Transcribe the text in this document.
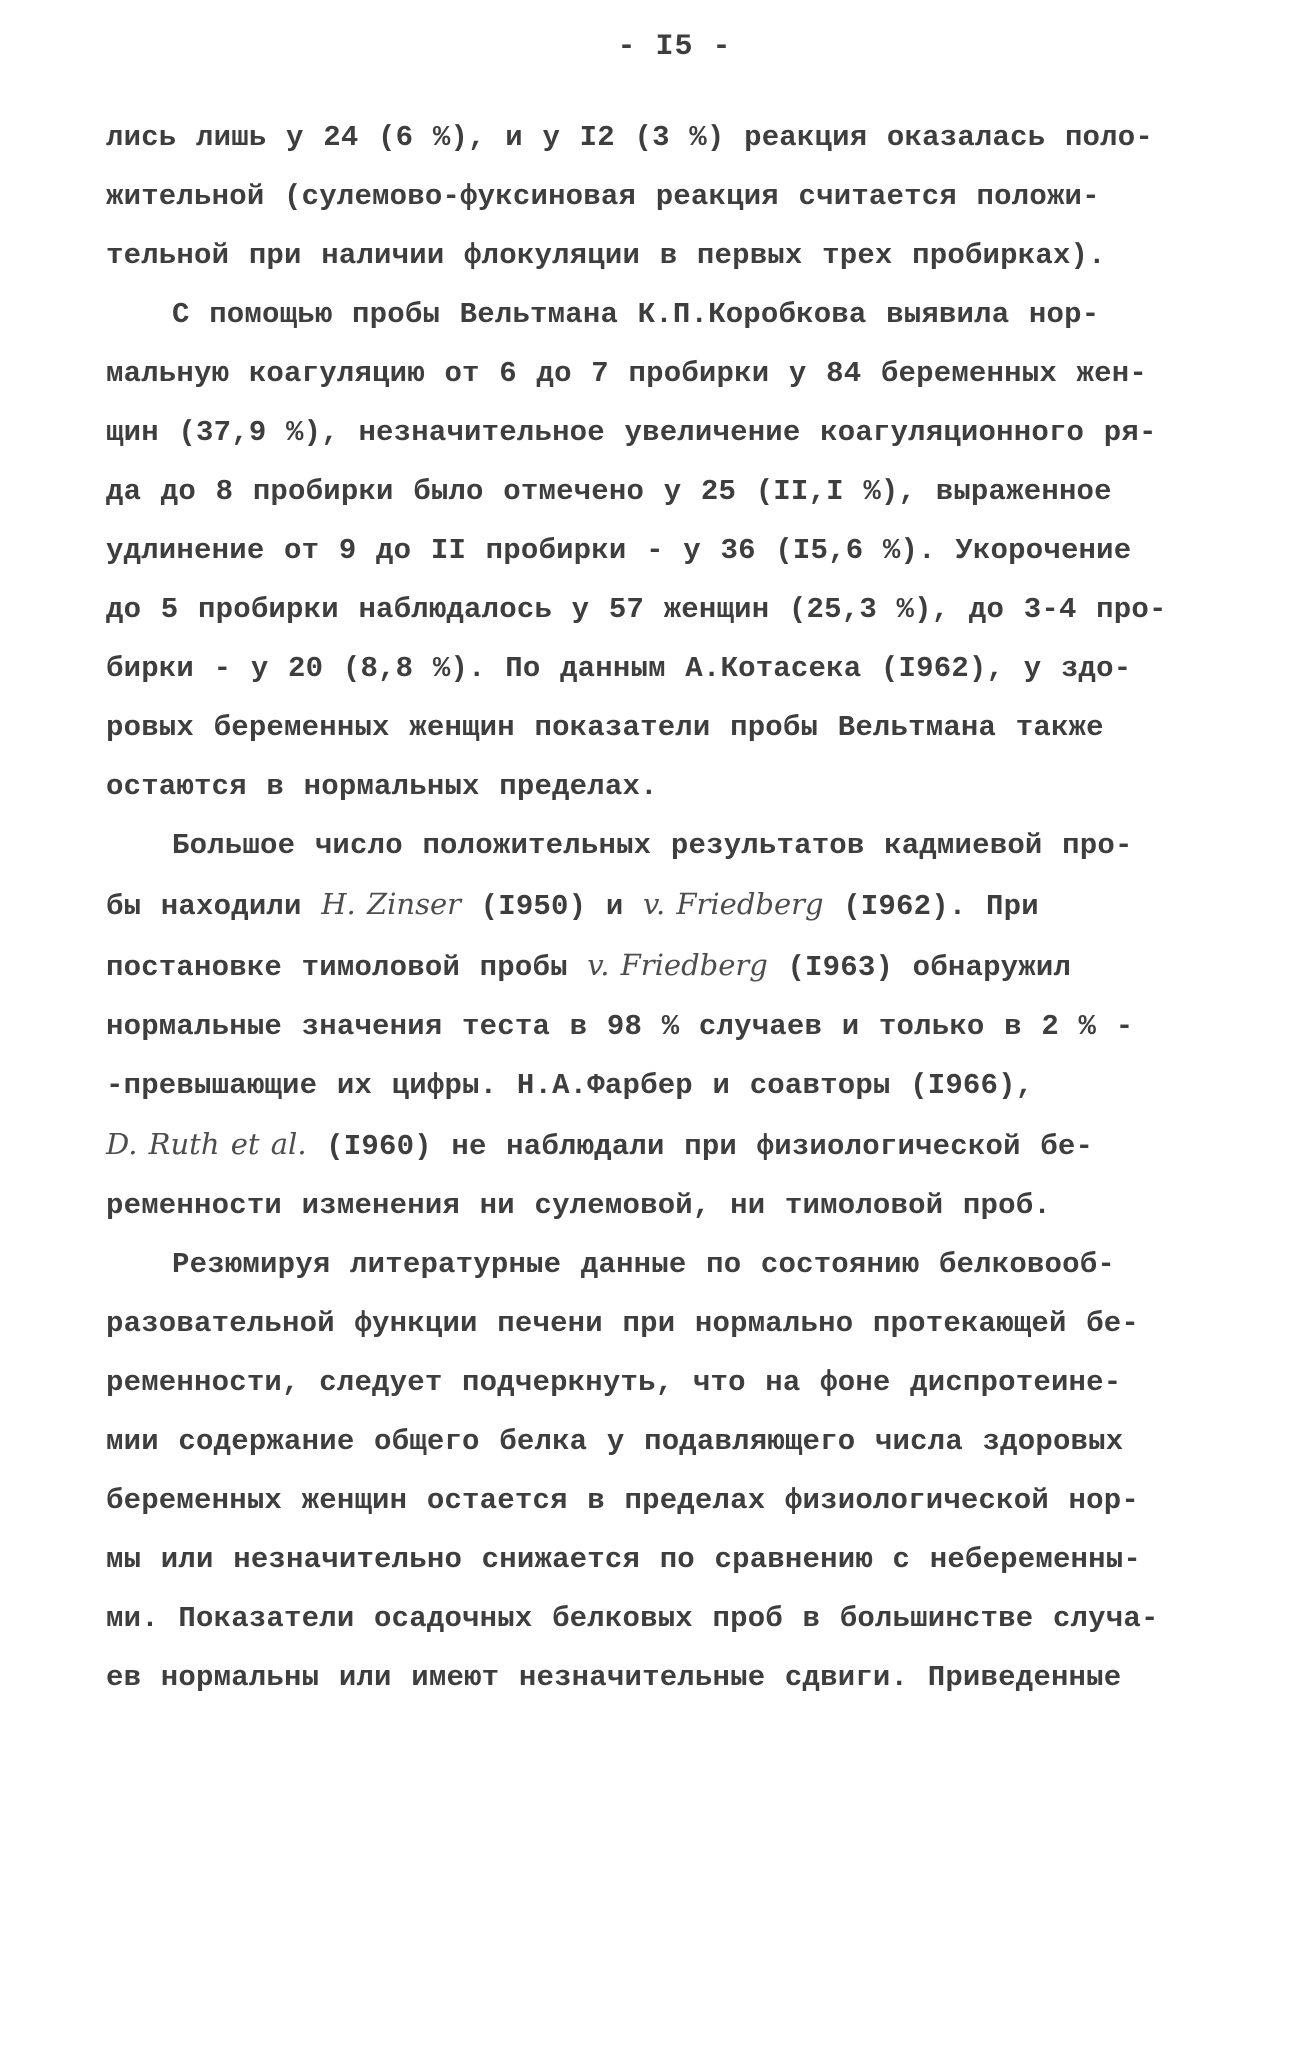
- I5 -

лись лишь у 24 (6 %), и у I2 (3 %) реакция оказалась поло-
жительной (сулемово-фуксиновая реакция считается положи-
тельной при наличии флокуляции в первых трех пробирках).

С помощью пробы Вельтмана К.П.Коробкова выявила нор-
мальную коагуляцию от 6 до 7 пробирки у 84 беременных жен-
щин (37,9 %), незначительное увеличение коагуляционного ря-
да до 8 пробирки было отмечено у 25 (II,I %), выраженное
удлинение от 9 до II пробирки - у 36 (I5,6 %). Укорочение
до 5 пробирки наблюдалось у 57 женщин (25,3 %), до 3-4 про-
бирки - у 20 (8,8 %). По данным А.Котасека (I962), у здо-
ровых беременных женщин показатели пробы Вельтмана также
остаются в нормальных пределах.

Большое число положительных результатов кадмиевой про-
бы находили H. Zinser (I950) и v. Friedberg (I962). При
постановке тимоловой пробы v. Friedberg (I963) обнаружил
нормальные значения теста в 98 % случаев и только в 2 % -
-превышающие их цифры. Н.А.Фарбер и соавторы (I966),
D. Ruth et al. (I960) не наблюдали при физиологической бе-
ременности изменения ни сулемовой, ни тимоловой проб.

Резюмируя литературные данные по состоянию белковооб-
разовательной функции печени при нормально протекающей бе-
ременности, следует подчеркнуть, что на фоне диспротеине-
мии содержание общего белка у подавляющего числа здоровых
беременных женщин остается в пределах физиологической нор-
мы или незначительно снижается по сравнению с небеременны-
ми. Показатели осадочных белковых проб в большинстве случа-
ев нормальны или имеют незначительные сдвиги. Приведенные
